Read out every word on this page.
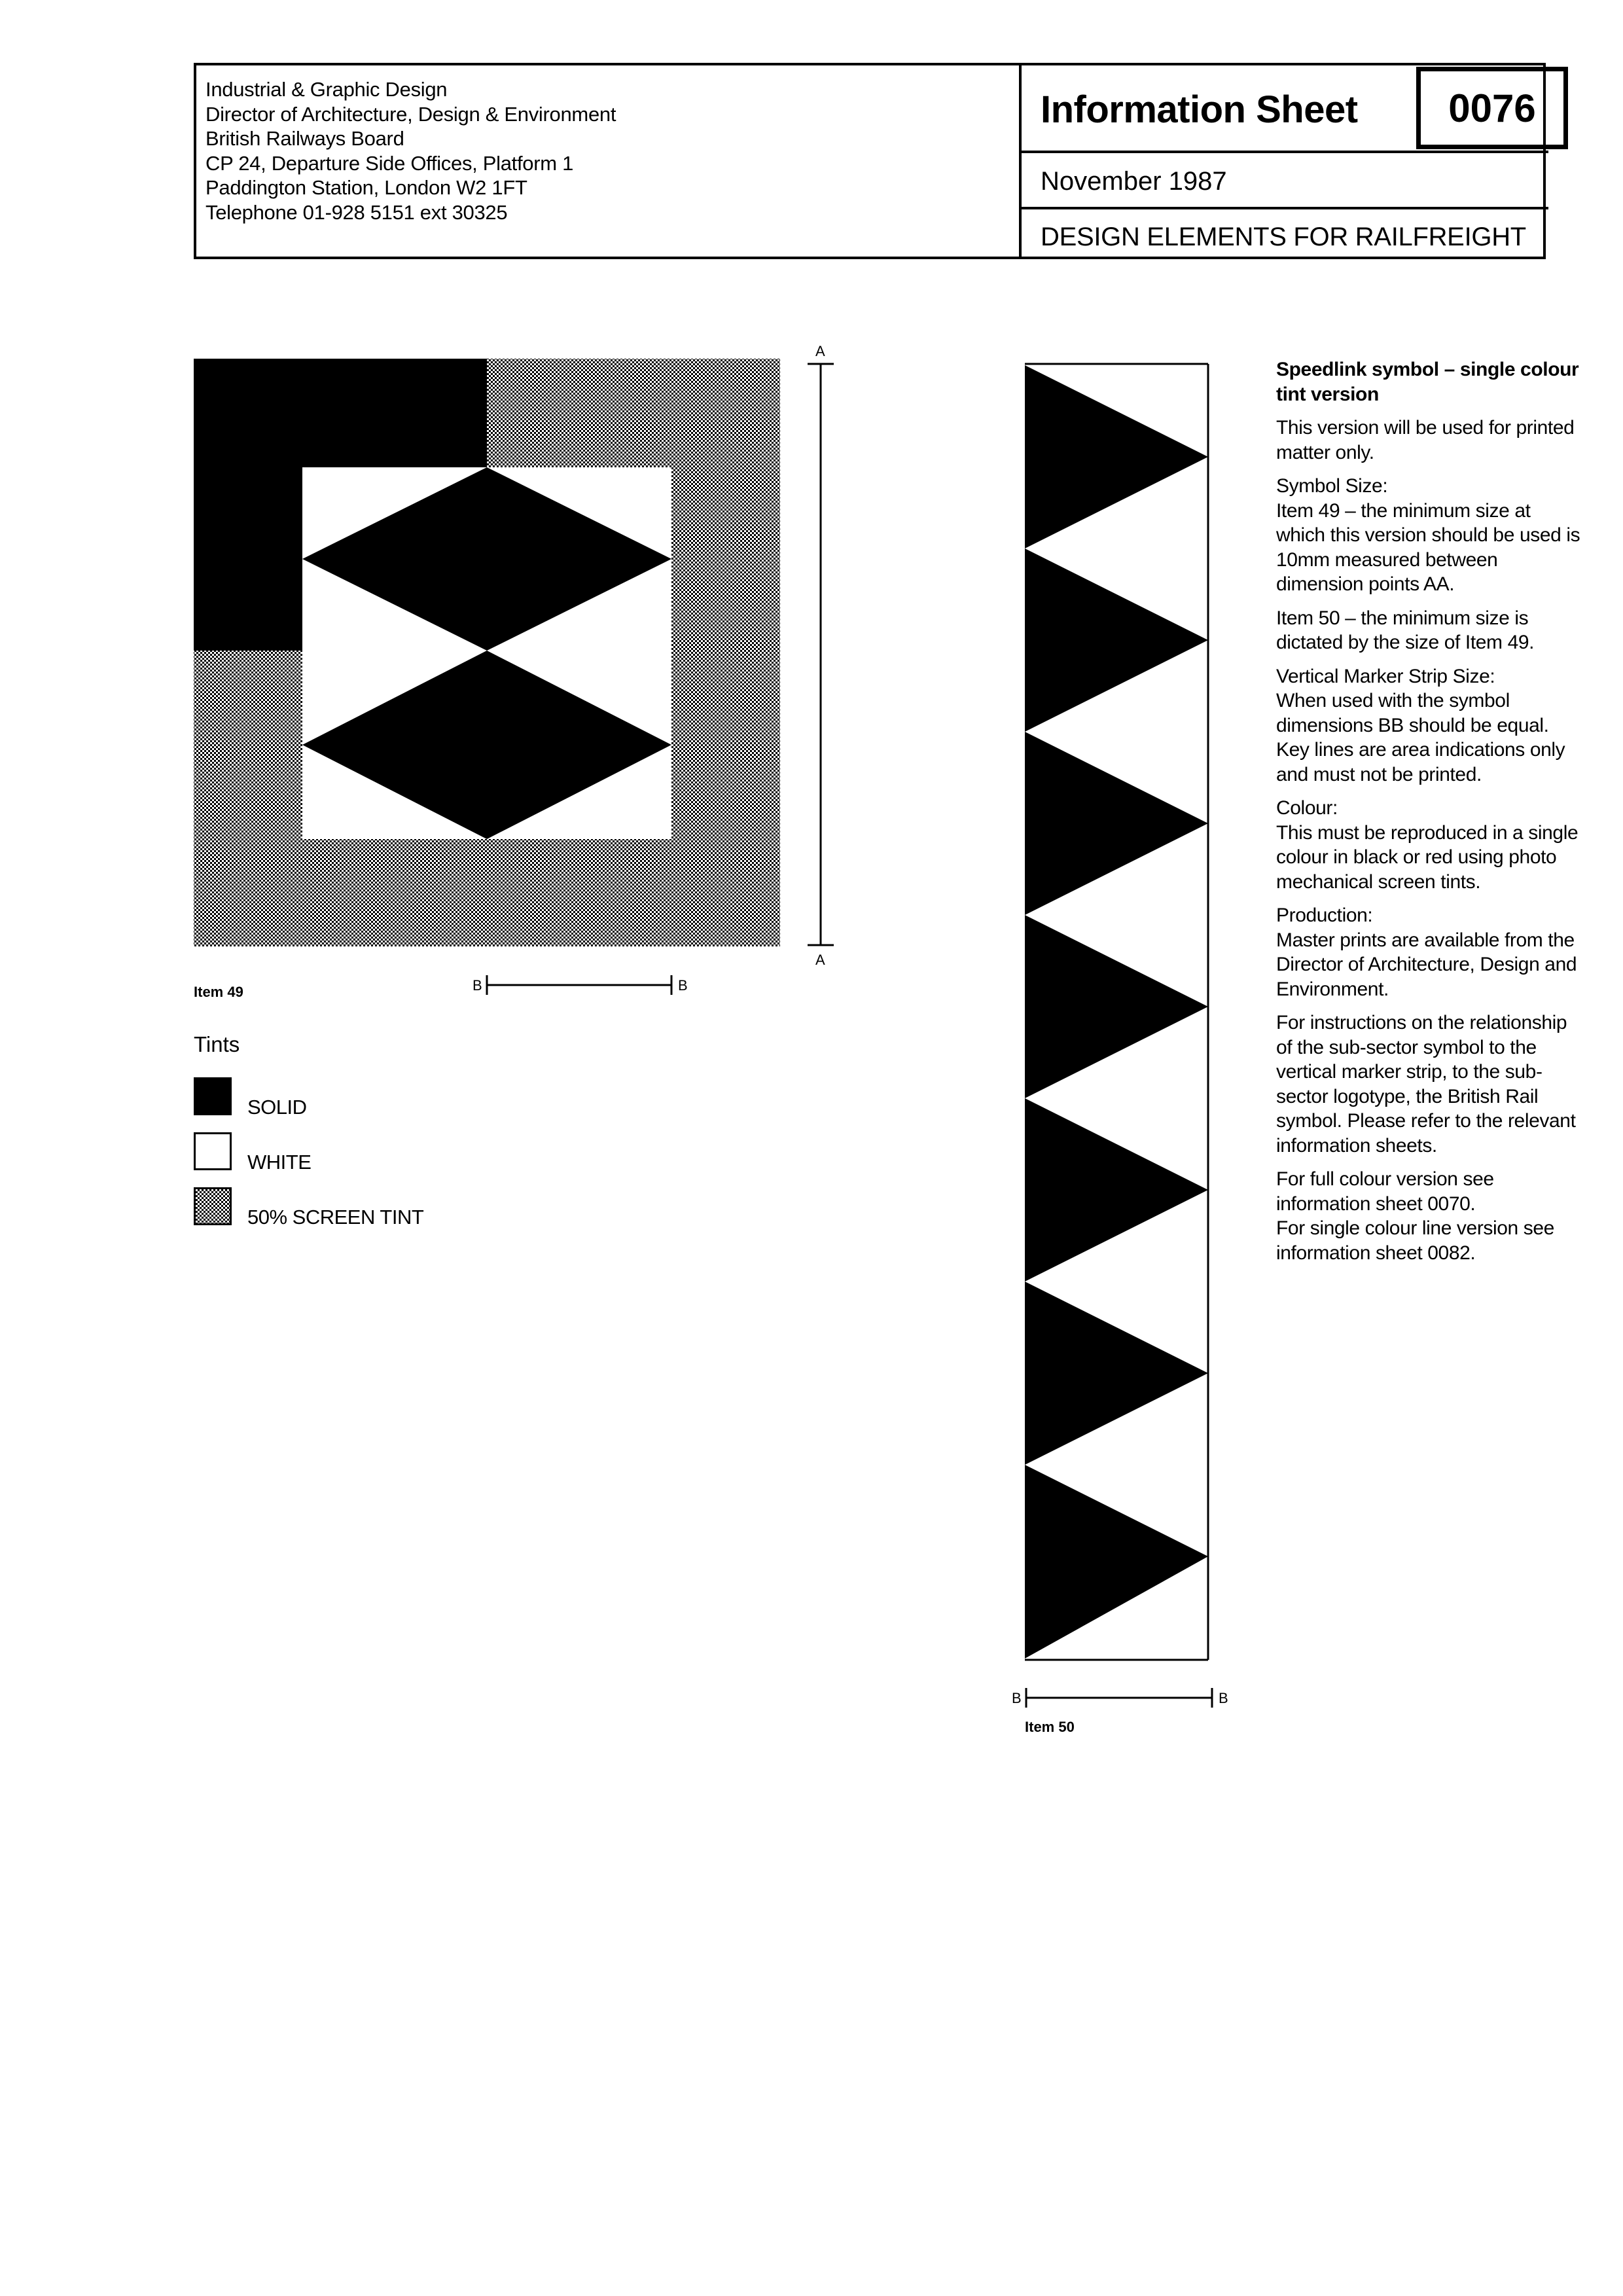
Industrial & Graphic Design
Director of Architecture, Design & Environment
British Railways Board
CP 24, Departure Side Offices, Platform 1
Paddington Station, London W2 1FT
Telephone 01-928 5151 ext 30325
Information Sheet	0076
November 1987
DESIGN ELEMENTS FOR RAILFREIGHT
A
A
B	B
B	B
Item 49
Item 50
Tints
SOLID
WHITE
50% SCREEN TINT

Speedlink symbol – single colour tint version

This version will be used for printed matter only.

Symbol Size:

Item 49 – the minimum size at which this version should be used is 10mm measured between dimension points AA.

Item 50 – the minimum size is dictated by the size of Item 49.

Vertical Marker Strip Size:

When used with the symbol dimensions BB should be equal. Key lines are area indications only and must not be printed.

Colour:

This must be reproduced in a single colour in black or red using photo mechanical screen tints.

Production:

Master prints are available from the Director of Architecture, Design and Environment.

For instructions on the relationship of the sub-sector symbol to the vertical marker strip, to the sub-sector logotype, the British Rail symbol. Please refer to the relevant information sheets.

For full colour version see information sheet 0070.

For single colour line version see information sheet 0082.
